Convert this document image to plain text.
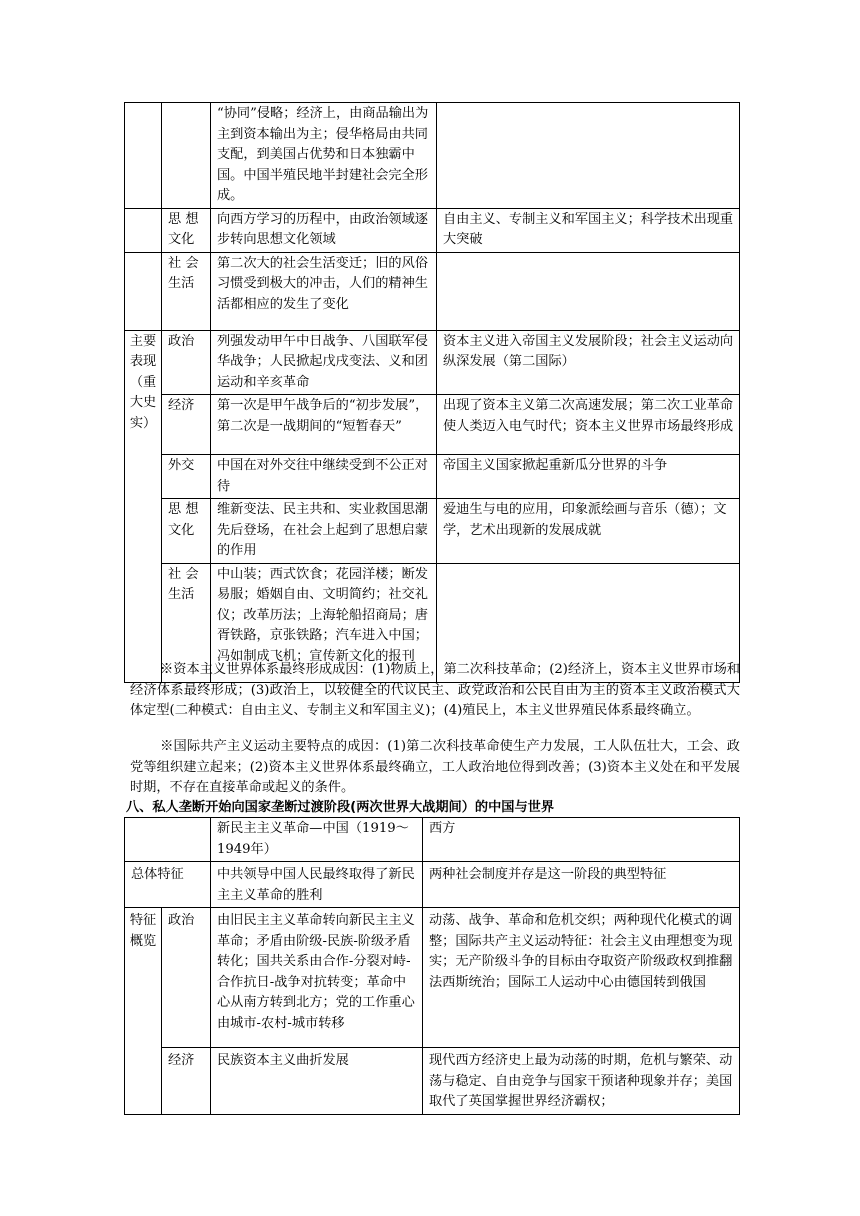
		“协同”侵略；经济上，由商品输出为主到资本输出为主；侵华格局由共同支配，到美国占优势和日本独霸中国。中国半殖民地半封建社会完全形成。	
	思 想 文化	向西方学习的历程中，由政治领域逐步转向思想文化领域	自由主义、专制主义和军国主义；科学技术出现重大突破
	社 会 生活	第二次大的社会生活变迁；旧的风俗习惯受到极大的冲击，人们的精神生活都相应的发生了变化	
主要表现（重大史实）	政治	列强发动甲午中日战争、八国联军侵华战争；人民掀起戊戌变法、义和团运动和辛亥革命	资本主义进入帝国主义发展阶段；社会主义运动向纵深发展（第二国际）
	经济	第一次是甲午战争后的“初步发展”，第二次是一战期间的“短暂春天”	出现了资本主义第二次高速发展；第二次工业革命使人类迈入电气时代；资本主义世界市场最终形成
	外交	中国在对外交往中继续受到不公正对待	帝国主义国家掀起重新瓜分世界的斗争
	思 想 文化	维新变法、民主共和、实业救国思潮先后登场，在社会上起到了思想启蒙的作用	爱迪生与电的应用，印象派绘画与音乐（德）；文学，艺术出现新的发展成就
	社 会 生活	中山装；西式饮食；花园洋楼；断发易服；婚姻自由、文明简约；社交礼仪；改革历法；上海轮船招商局；唐胥铁路，京张铁路；汽车进入中国；冯如制成飞机；宣传新文化的报刊	

※资本主义世界体系最终形成成因：(1)物质上，第二次科技革命；(2)经济上，资本主义世界市场和经济体系最终形成；(3)政治上，以较健全的代议民主、政党政治和公民自由为主的资本主义政治模式大体定型(二种模式：自由主义、专制主义和军国主义)；(4)殖民上，本主义世界殖民体系最终确立。

※国际共产主义运动主要特点的成因：(1)第二次科技革命使生产力发展，工人队伍壮大，工会、政党等组织建立起来；(2)资本主义世界体系最终确立，工人政治地位得到改善；(3)资本主义处在和平发展时期，不存在直接革命或起义的条件。

八、私人垄断开始向国家垄断过渡阶段(两次世界大战期间）的中国与世界

		新民主主义革命—中国（1919～1949年）	西方
总体特征		中共领导中国人民最终取得了新民主主义革命的胜利	两种社会制度并存是这一阶段的典型特征
特征概览	政治	由旧民主主义革命转向新民主主义革命；矛盾由阶级-民族-阶级矛盾转化；国共关系由合作-分裂对峙-合作抗日-战争对抗转变；革命中心从南方转到北方；党的工作重心由城市-农村-城市转移	动荡、战争、革命和危机交织；两种现代化模式的调整；国际共产主义运动特征：社会主义由理想变为现实；无产阶级斗争的目标由夺取资产阶级政权到推翻法西斯统治；国际工人运动中心由德国转到俄国
	经济	民族资本主义曲折发展	现代西方经济史上最为动荡的时期，危机与繁荣、动荡与稳定、自由竞争与国家干预诸种现象并存；美国取代了英国掌握世界经济霸权；
